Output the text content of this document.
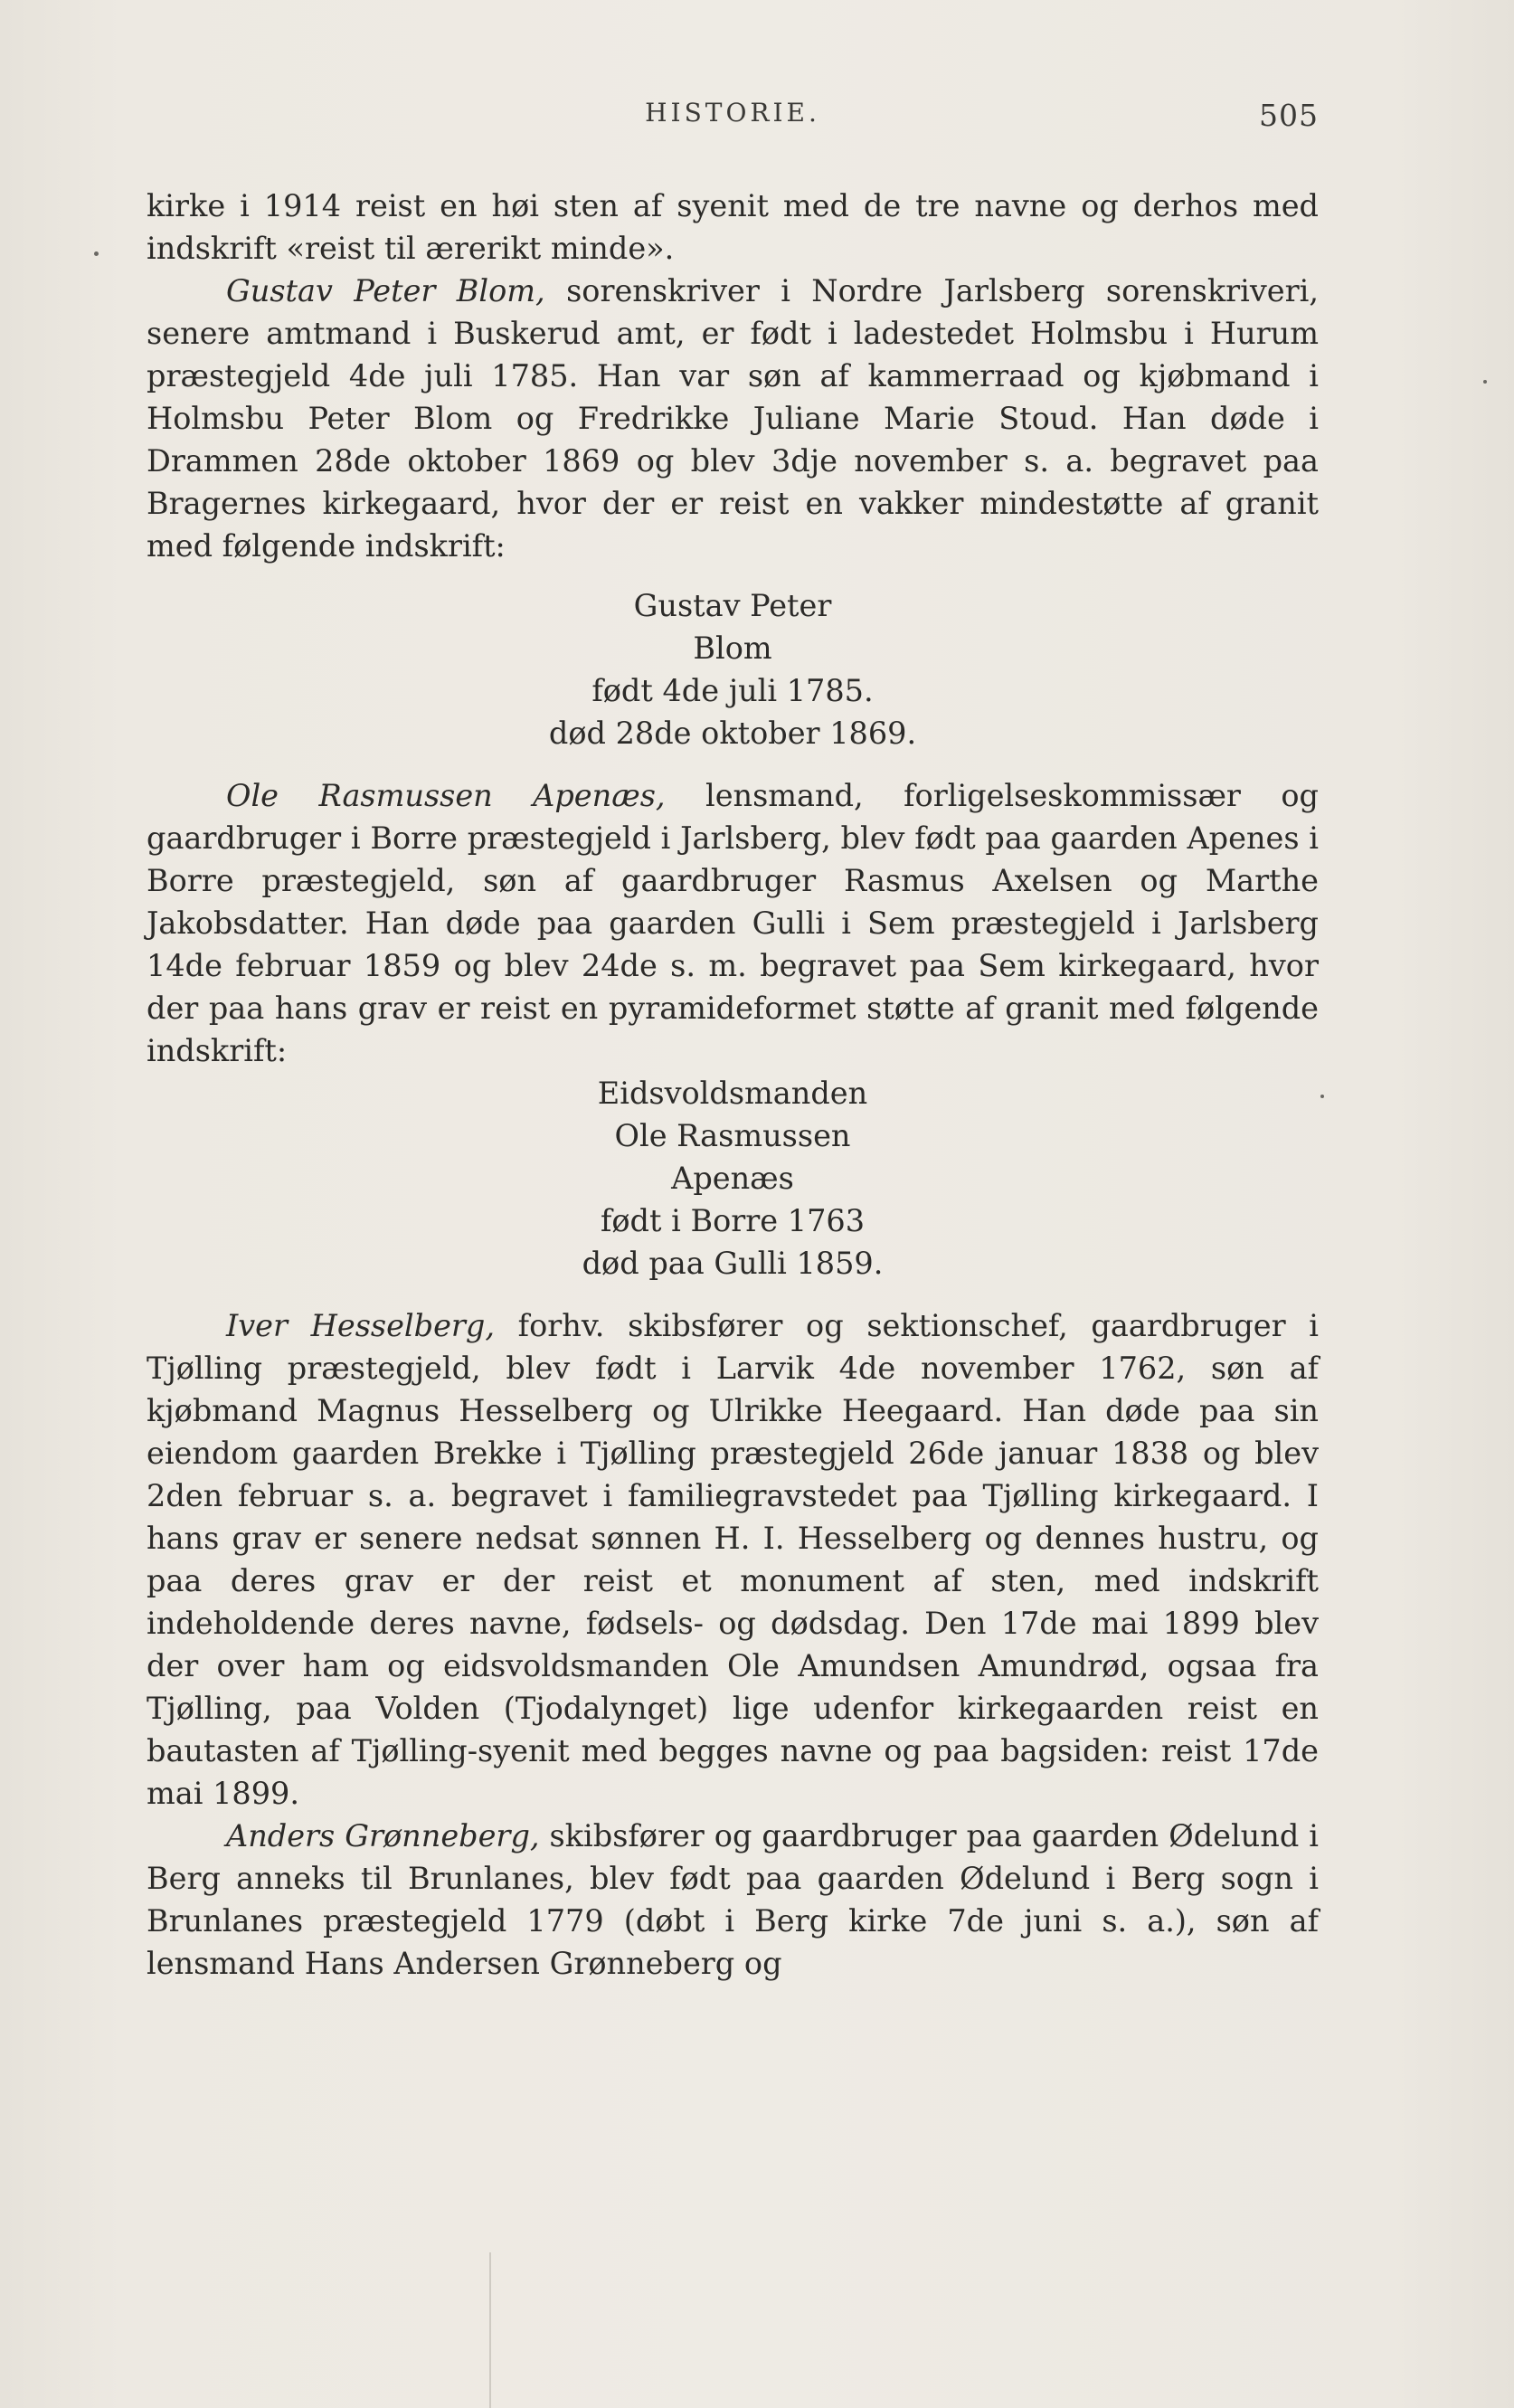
HISTORIE.	505

kirke i 1914 reist en høi sten af syenit med de tre navne og derhos med indskrift «reist til ærerikt minde».

Gustav Peter Blom, sorenskriver i Nordre Jarlsberg sorenskriveri, senere amtmand i Buskerud amt, er født i ladestedet Holmsbu i Hurum præstegjeld 4de juli 1785. Han var søn af kammerraad og kjøbmand i Holmsbu Peter Blom og Fredrikke Juliane Marie Stoud. Han døde i Drammen 28de oktober 1869 og blev 3dje november s. a. begravet paa Bragernes kirkegaard, hvor der er reist en vakker mindestøtte af granit med følgende indskrift:

Gustav Peter

Blom

født 4de juli 1785.

død 28de oktober 1869.

Ole Rasmussen Apenæs, lensmand, forligelseskommissær og gaardbruger i Borre præstegjeld i Jarlsberg, blev født paa gaarden Apenes i Borre præstegjeld, søn af gaardbruger Rasmus Axelsen og Marthe Jakobsdatter. Han døde paa gaarden Gulli i Sem præstegjeld i Jarlsberg 14de februar 1859 og blev 24de s. m. begravet paa Sem kirkegaard, hvor der paa hans grav er reist en pyramideformet støtte af granit med følgende indskrift:

Eidsvoldsmanden

Ole Rasmussen

Apenæs

født i Borre 1763

død paa Gulli 1859.

Iver Hesselberg, forhv. skibsfører og sektionschef, gaardbruger i Tjølling præstegjeld, blev født i Larvik 4de november 1762, søn af kjøbmand Magnus Hesselberg og Ulrikke Heegaard. Han døde paa sin eiendom gaarden Brekke i Tjølling præstegjeld 26de januar 1838 og blev 2den februar s. a. begravet i familiegravstedet paa Tjølling kirkegaard. I hans grav er senere nedsat sønnen H. I. Hesselberg og dennes hustru, og paa deres grav er der reist et monument af sten, med indskrift indeholdende deres navne, fødsels- og dødsdag. Den 17de mai 1899 blev der over ham og eidsvoldsmanden Ole Amundsen Amundrød, ogsaa fra Tjølling, paa Volden (Tjodalynget) lige udenfor kirkegaarden reist en bautasten af Tjølling-syenit med begges navne og paa bagsiden: reist 17de mai 1899.

Anders Grønneberg, skibsfører og gaardbruger paa gaarden Ødelund i Berg anneks til Brunlanes, blev født paa gaarden Ødelund i Berg sogn i Brunlanes præstegjeld 1779 (døbt i Berg kirke 7de juni s. a.), søn af lensmand Hans Andersen Grønneberg og
